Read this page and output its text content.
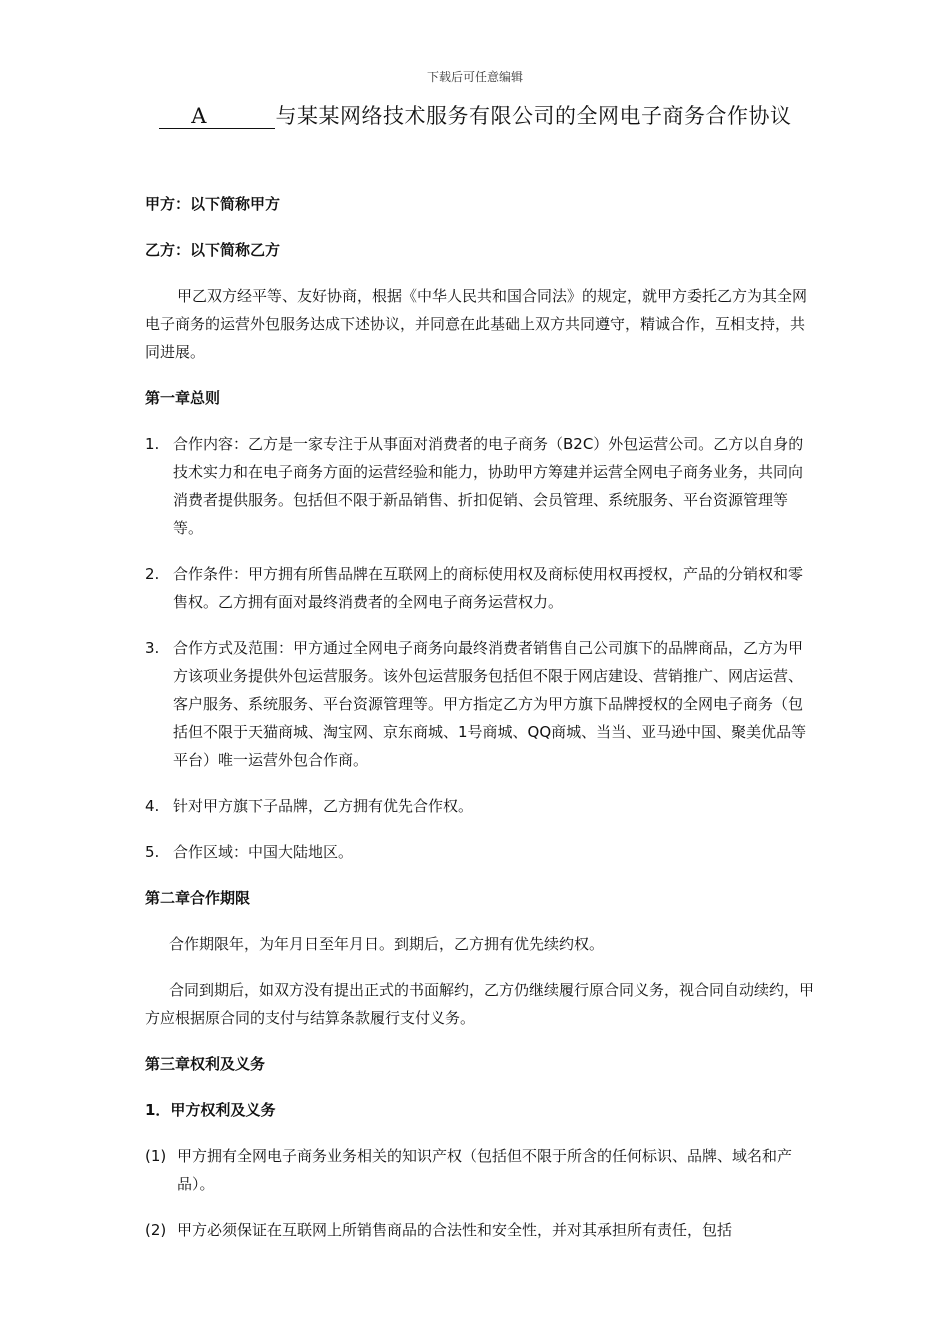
下载后可任意编辑
A	与某某网络技术服务有限公司的全网电子商务合作协议

甲方：以下简称甲方

乙方：以下简称乙方

甲乙双方经平等、友好协商，根据《中华人民共和国合同法》的规定，就甲方委托乙方为其全网电子商务的运营外包服务达成下述协议，并同意在此基础上双方共同遵守，精诚合作，互相支持，共同进展。

第一章总则

1. 合作内容：乙方是一家专注于从事面对消费者的电子商务（B2C）外包运营公司。乙方以自身的技术实力和在电子商务方面的运营经验和能力，协助甲方筹建并运营全网电子商务业务，共同向消费者提供服务。包括但不限于新品销售、折扣促销、会员管理、系统服务、平台资源管理等等。
2. 合作条件：甲方拥有所售品牌在互联网上的商标使用权及商标使用权再授权，产品的分销权和零售权。乙方拥有面对最终消费者的全网电子商务运营权力。
3. 合作方式及范围：甲方通过全网电子商务向最终消费者销售自己公司旗下的品牌商品，乙方为甲方该项业务提供外包运营服务。该外包运营服务包括但不限于网店建设、营销推广、网店运营、客户服务、系统服务、平台资源管理等。甲方指定乙方为甲方旗下品牌授权的全网电子商务（包括但不限于天猫商城、淘宝网、京东商城、1号商城、QQ商城、当当、亚马逊中国、聚美优品等平台）唯一运营外包合作商。
4. 针对甲方旗下子品牌，乙方拥有优先合作权。
5. 合作区域：中国大陆地区。

第二章合作期限

合作期限年，为年月日至年月日。到期后，乙方拥有优先续约权。

合同到期后，如双方没有提出正式的书面解约，乙方仍继续履行原合同义务，视合同自动续约，甲方应根据原合同的支付与结算条款履行支付义务。

第三章权利及义务

1．甲方权利及义务

(1) 甲方拥有全网电子商务业务相关的知识产权（包括但不限于所含的任何标识、品牌、域名和产品）。
(2) 甲方必须保证在互联网上所销售商品的合法性和安全性，并对其承担所有责任，包括
